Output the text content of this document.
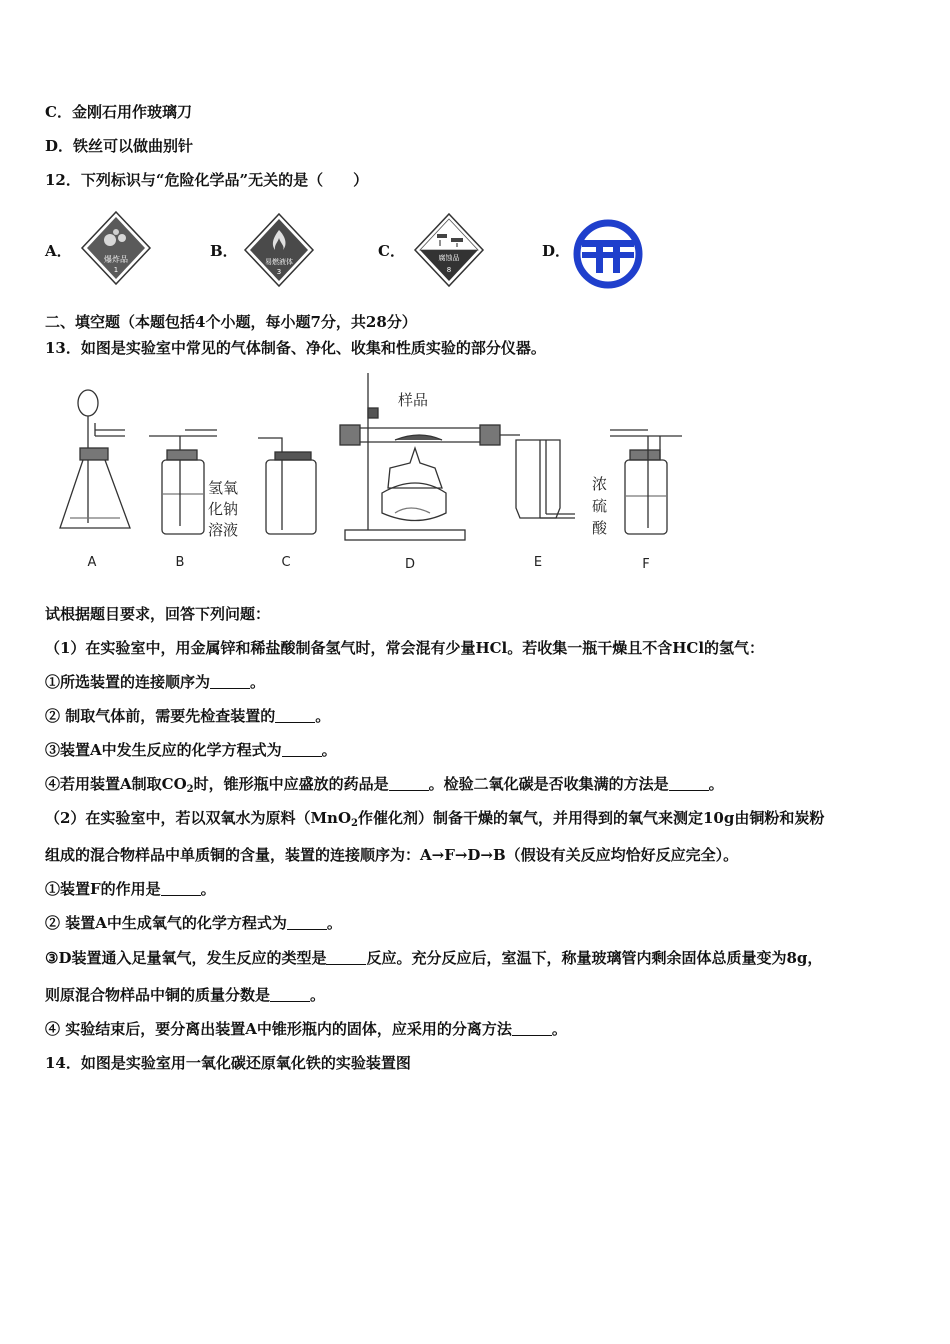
C．金刚石用作玻璃刀
D．铁丝可以做曲别针
12．下列标识与“危险化学品”无关的是（　　）
A．	爆炸品
1
B．
易燃液体
3
C．	腐蚀品
8
D．
二、填空题（本题包括4个小题，每小题7分，共28分）
13．如图是实验室中常见的气体制备、净化、收集和性质实验的部分仪器。
A
氢氧
化钠
溶液
B	C
样品
D	E
浓
硫
酸
F
试根据题目要求，回答下列问题：
（1）在实验室中，用金属锌和稀盐酸制备氢气时，常会混有少量HCl。若收集一瓶干燥且不含HCl的氢气：
①所选装置的连接顺序为	。
② 制取气体前，需要先检查装置的	。
③装置A中发生反应的化学方程式为	。
④若用装置A制取$CO_2$时，锥形瓶中应盛放的药品是	。检验二氧化碳是否收集满的方法是	。
（2）在实验室中，若以双氧水为原料（MnO$_2$作催化剂）制备干燥的氧气，并用得到的氧气来测定10g由铜粉和炭粉
组成的混合物样品中单质铜的含量，装置的连接顺序为：A→F→D→B（假设有关反应均恰好反应完全）。
①装置F的作用是	。
② 装置A中生成氧气的化学方程式为	。
③D装置通入足量氧气，发生反应的类型是	反应。充分反应后，室温下，称量玻璃管内剩余固体总质量变为8g，
则原混合物样品中铜的质量分数是	。
④ 实验结束后，要分离出装置A中锥形瓶内的固体，应采用的分离方法	。
14．如图是实验室用一氧化碳还原氧化铁的实验装置图
